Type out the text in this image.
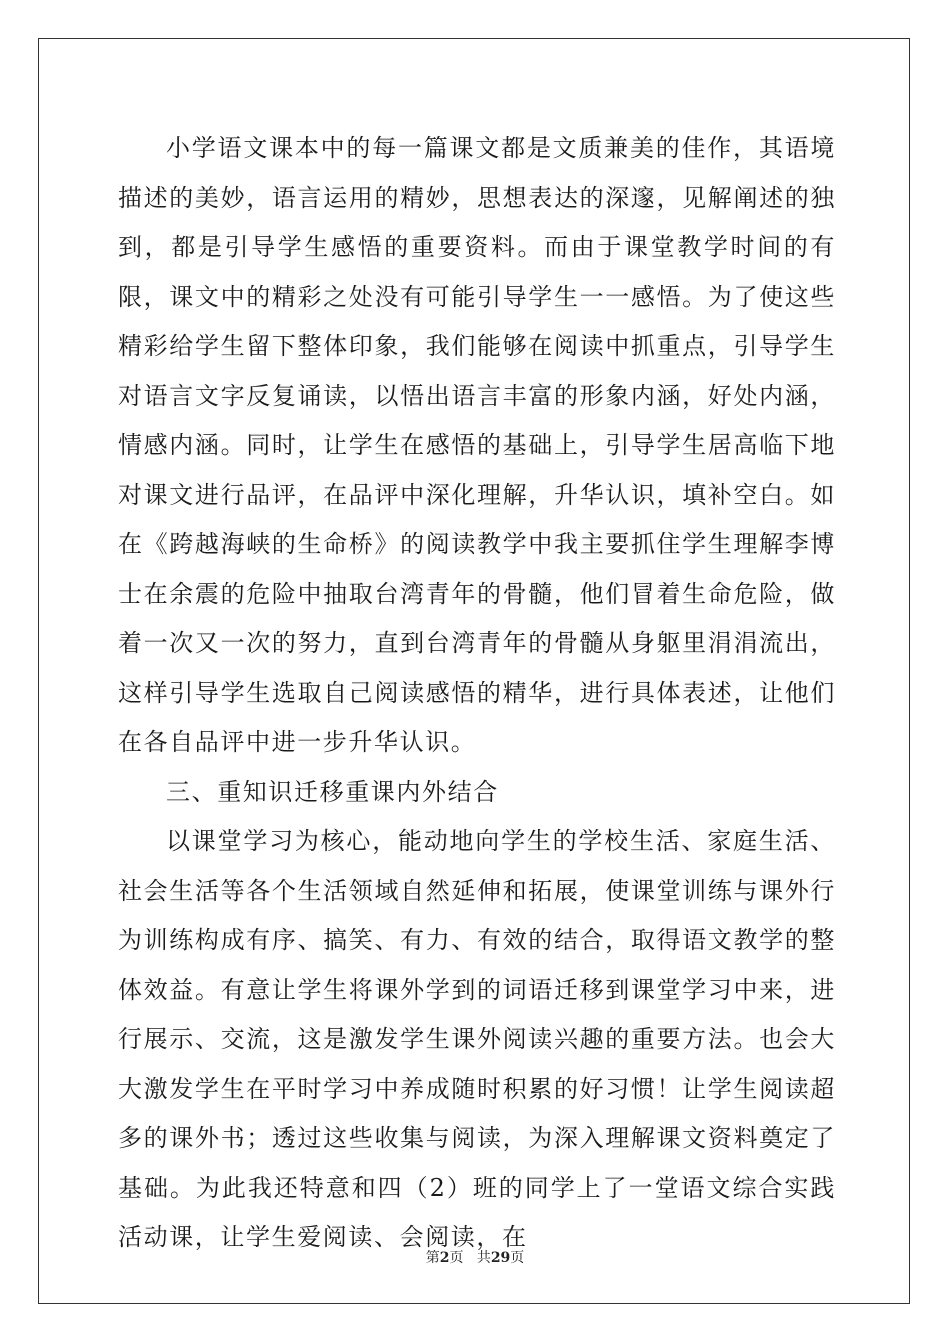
小学语文课本中的每一篇课文都是文质兼美的佳作，其语境描述的美妙，语言运用的精妙，思想表达的深邃，见解阐述的独到，都是引导学生感悟的重要资料。而由于课堂教学时间的有限，课文中的精彩之处没有可能引导学生一一感悟。为了使这些精彩给学生留下整体印象，我们能够在阅读中抓重点，引导学生对语言文字反复诵读，以悟出语言丰富的形象内涵，好处内涵，情感内涵。同时，让学生在感悟的基础上，引导学生居高临下地对课文进行品评，在品评中深化理解，升华认识，填补空白。如在《跨越海峡的生命桥》的阅读教学中我主要抓住学生理解李博士在余震的危险中抽取台湾青年的骨髓，他们冒着生命危险，做着一次又一次的努力，直到台湾青年的骨髓从身躯里涓涓流出，这样引导学生选取自己阅读感悟的精华，进行具体表述，让他们在各自品评中进一步升华认识。

三、重知识迁移重课内外结合

以课堂学习为核心，能动地向学生的学校生活、家庭生活、社会生活等各个生活领域自然延伸和拓展，使课堂训练与课外行为训练构成有序、搞笑、有力、有效的结合，取得语文教学的整体效益。有意让学生将课外学到的词语迁移到课堂学习中来，进行展示、交流，这是激发学生课外阅读兴趣的重要方法。也会大大激发学生在平时学习中养成随时积累的好习惯！让学生阅读超多的课外书；透过这些收集与阅读，为深入理解课文资料奠定了基础。为此我还特意和四（2）班的同学上了一堂语文综合实践活动课，让学生爱阅读、会阅读，在

第2页 共29页
